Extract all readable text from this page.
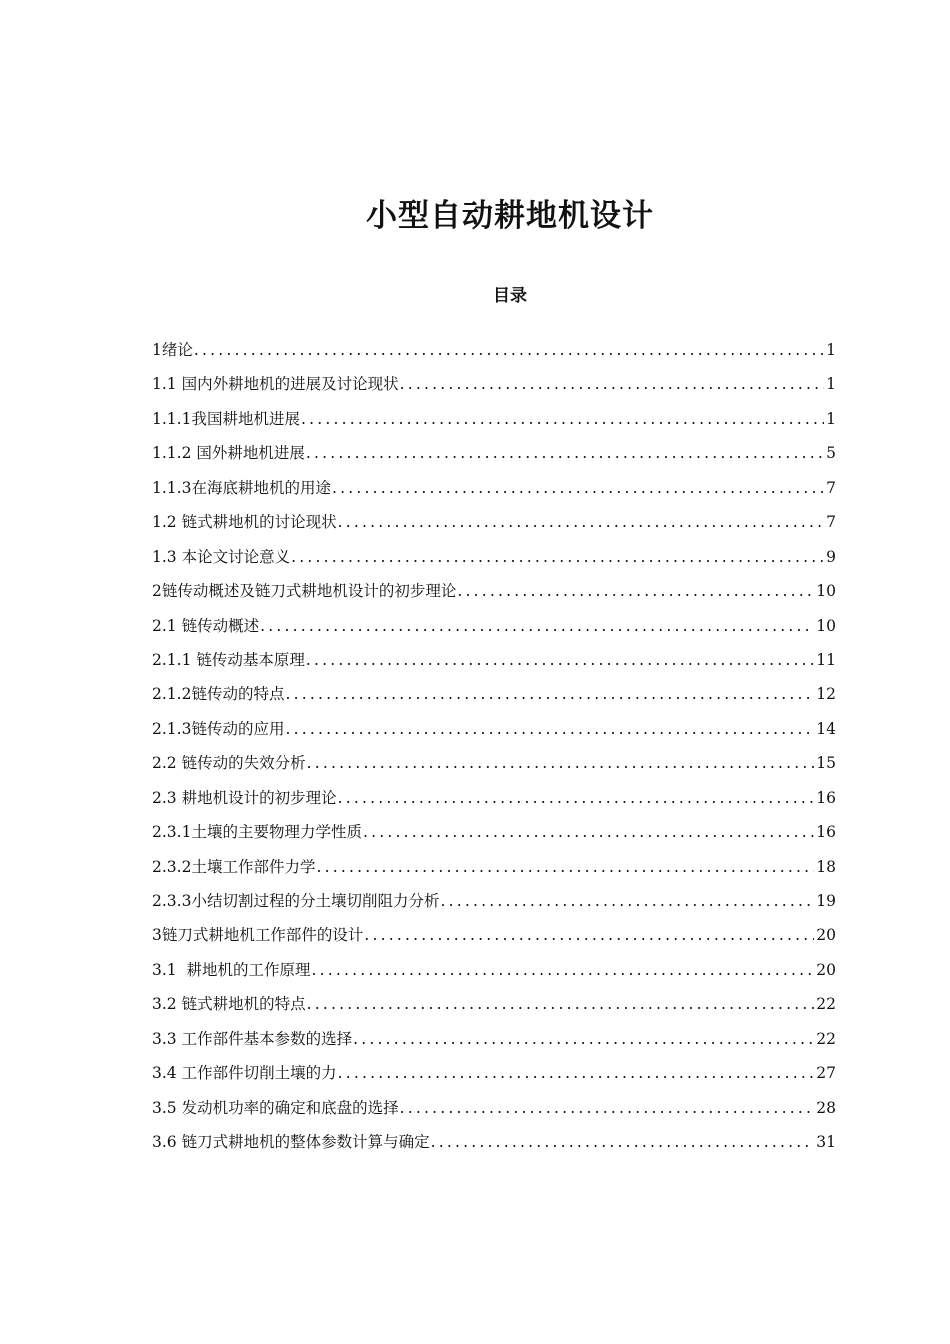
小型自动耕地机设计
目录
1绪论 .....	1
1.1 国内外耕地机的进展及讨论现状 .....	1
1.1.1我国耕地机进展 .....	1
1.1.2 国外耕地机进展 .....	5
1.1.3在海底耕地机的用途 .....	7
1.2 链式耕地机的讨论现状 .....	7
1.3 本论文讨论意义 .....	9
2链传动概述及链刀式耕地机设计的初步理论 .....	10
2.1 链传动概述 .....	10
2.1.1 链传动基本原理 .....	11
2.1.2链传动的特点 .....	12
2.1.3链传动的应用 .....	14
2.2 链传动的失效分析 .....	15
2.3 耕地机设计的初步理论 .....	16
2.3.1土壤的主要物理力学性质 .....	16
2.3.2土壤工作部件力学 .....	18
2.3.3小结切割过程的分土壤切削阻力分析 .....	19
3链刀式耕地机工作部件的设计 .....	20
3.1  耕地机的工作原理 .....	20
3.2 链式耕地机的特点 .....	22
3.3 工作部件基本参数的选择 .....	22
3.4 工作部件切削土壤的力 .....	27
3.5 发动机功率的确定和底盘的选择 .....	28
3.6 链刀式耕地机的整体参数计算与确定 .....	31
